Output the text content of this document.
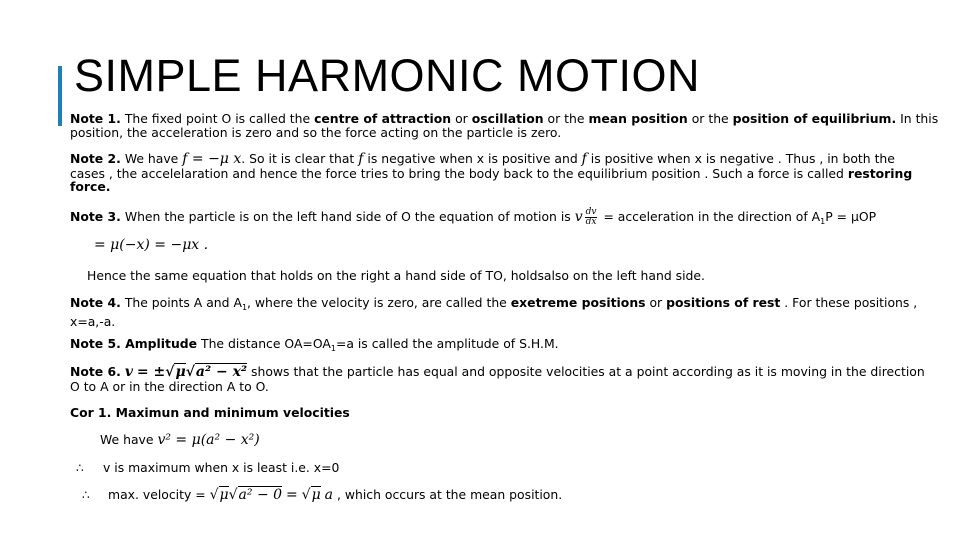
SIMPLE HARMONIC MOTION
Note 1. The fixed point O is called the centre of attraction or oscillation or the mean position or the position of equilibrium. In this
position, the acceleration is zero and so the force acting on the particle is zero.
Note 2. We have f = −μ x. So it is clear that f is negative when x is positive and f is positive when x is negative . Thus , in both the
cases , the accelelaration and hence the force tries to bring the body back to the equilibrium position . Such a force is called restoring
force.
Note 3. When the particle is on the left hand side of O the equation of motion is v $\frac{dv}{dx}$ = acceleration in the direction of $A_1P = \mu OP$
= μ(−x) = −μx .
Hence the same equation that holds on the right a hand side of TO, holdsalso on the left hand side.
Note 4. The points A and $A_1$, where the velocity is zero, are called the exetreme positions or positions of rest . For these positions ,
x=a,-a.
Note 5. Amplitude The distance $OA=OA_1=a$ is called the amplitude of S.H.M.
Note 6. v = ±√μ√a² − x² shows that the particle has equal and opposite velocities at a point according as it is moving in the direction
O to A or in the direction A to O.
Cor 1. Maximun and minimum velocities
We have v² = μ(a² − x²)
∴ v is maximum when x is least i.e. x=0
∴ max. velocity = √μ√a² − 0 = √μ a , which occurs at the mean position.
